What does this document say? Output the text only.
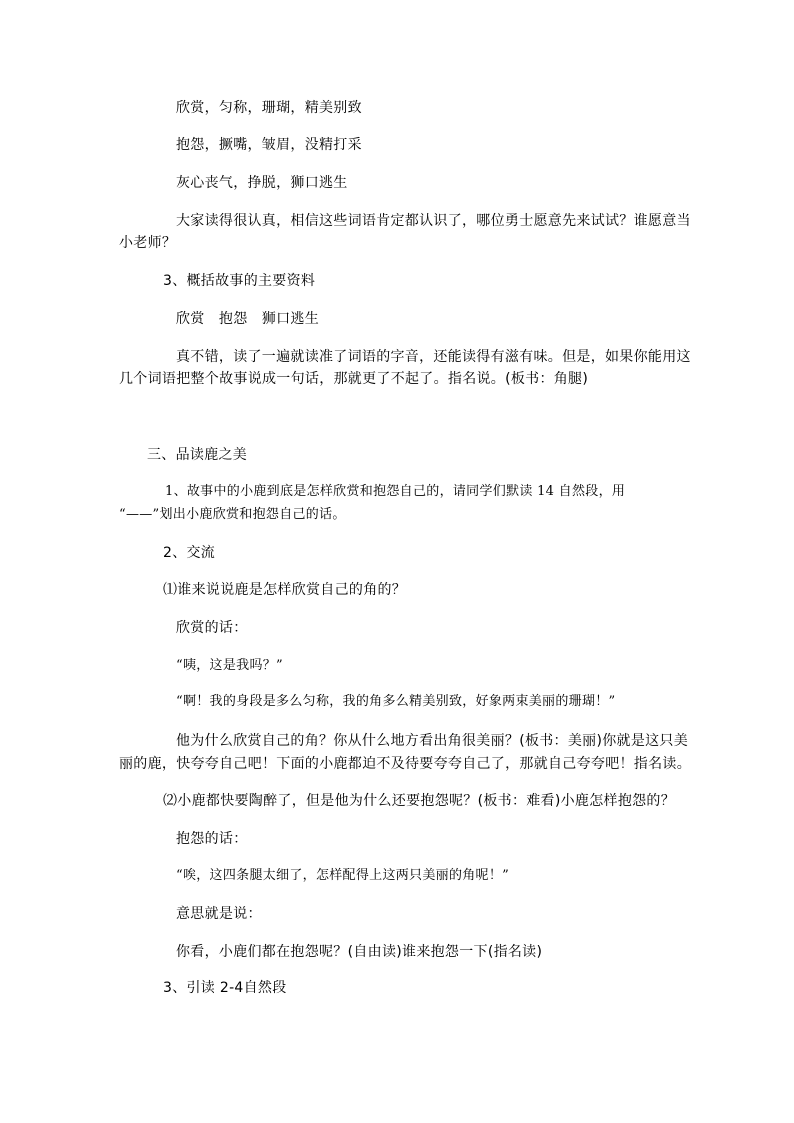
欣赏，匀称，珊瑚，精美别致
抱怨，撅嘴，皱眉，没精打采
灰心丧气，挣脱，狮口逃生
大家读得很认真，相信这些词语肯定都认识了，哪位勇士愿意先来试试？谁愿意当
小老师？
3、概括故事的主要资料
欣赏　抱怨　狮口逃生
真不错，读了一遍就读准了词语的字音，还能读得有滋有味。但是，如果你能用这
几个词语把整个故事说成一句话，那就更了不起了。指名说。(板书：角腿)
三、品读鹿之美
1、故事中的小鹿到底是怎样欣赏和抱怨自己的，请同学们默读 14 自然段，用
“——”划出小鹿欣赏和抱怨自己的话。
2、交流
⑴谁来说说鹿是怎样欣赏自己的角的？
欣赏的话：
“咦，这是我吗？”
“啊！我的身段是多么匀称，我的角多么精美别致，好象两束美丽的珊瑚！”
他为什么欣赏自己的角？你从什么地方看出角很美丽？(板书：美丽)你就是这只美
丽的鹿，快夸夸自己吧！下面的小鹿都迫不及待要夸夸自己了，那就自己夸夸吧！指名读。
⑵小鹿都快要陶醉了，但是他为什么还要抱怨呢？(板书：难看)小鹿怎样抱怨的？
抱怨的话：
“唉，这四条腿太细了，怎样配得上这两只美丽的角呢！”
意思就是说：
你看，小鹿们都在抱怨呢？(自由读)谁来抱怨一下(指名读)
3、引读 2-4自然段
